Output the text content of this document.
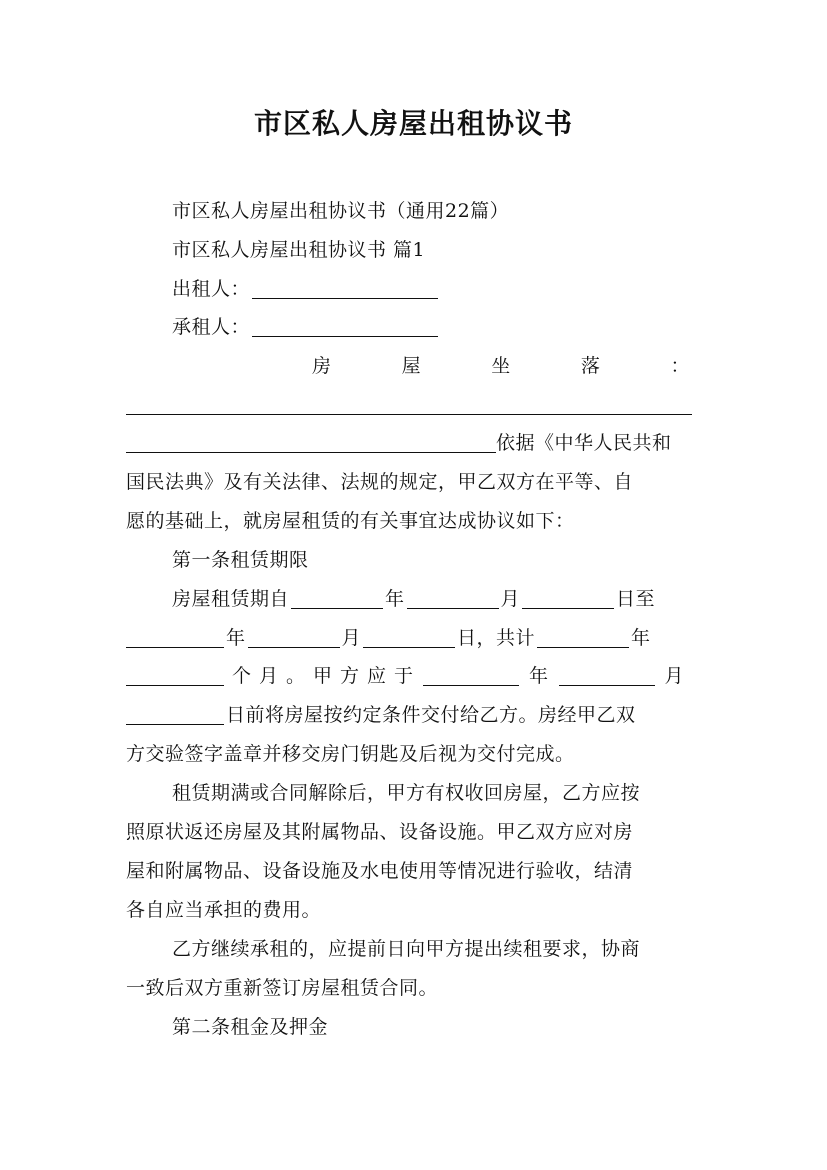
市区私人房屋出租协议书
市区私人房屋出租协议书（通用22篇）
市区私人房屋出租协议书 篇1
出租人：
承租人：
房	屋	坐	落	：
依据《中华人民共和
国民法典》及有关法律、法规的规定，甲乙双方在平等、自
愿的基础上，就房屋租赁的有关事宜达成协议如下：
第一条租赁期限
房屋租赁期自	年	月	日至
年	月	日，共计	年
个月。甲方应于	年	月
日前将房屋按约定条件交付给乙方。房经甲乙双
方交验签字盖章并移交房门钥匙及后视为交付完成。
租赁期满或合同解除后，甲方有权收回房屋，乙方应按
照原状返还房屋及其附属物品、设备设施。甲乙双方应对房
屋和附属物品、设备设施及水电使用等情况进行验收，结清
各自应当承担的费用。
乙方继续承租的，应提前日向甲方提出续租要求，协商
一致后双方重新签订房屋租赁合同。
第二条租金及押金
